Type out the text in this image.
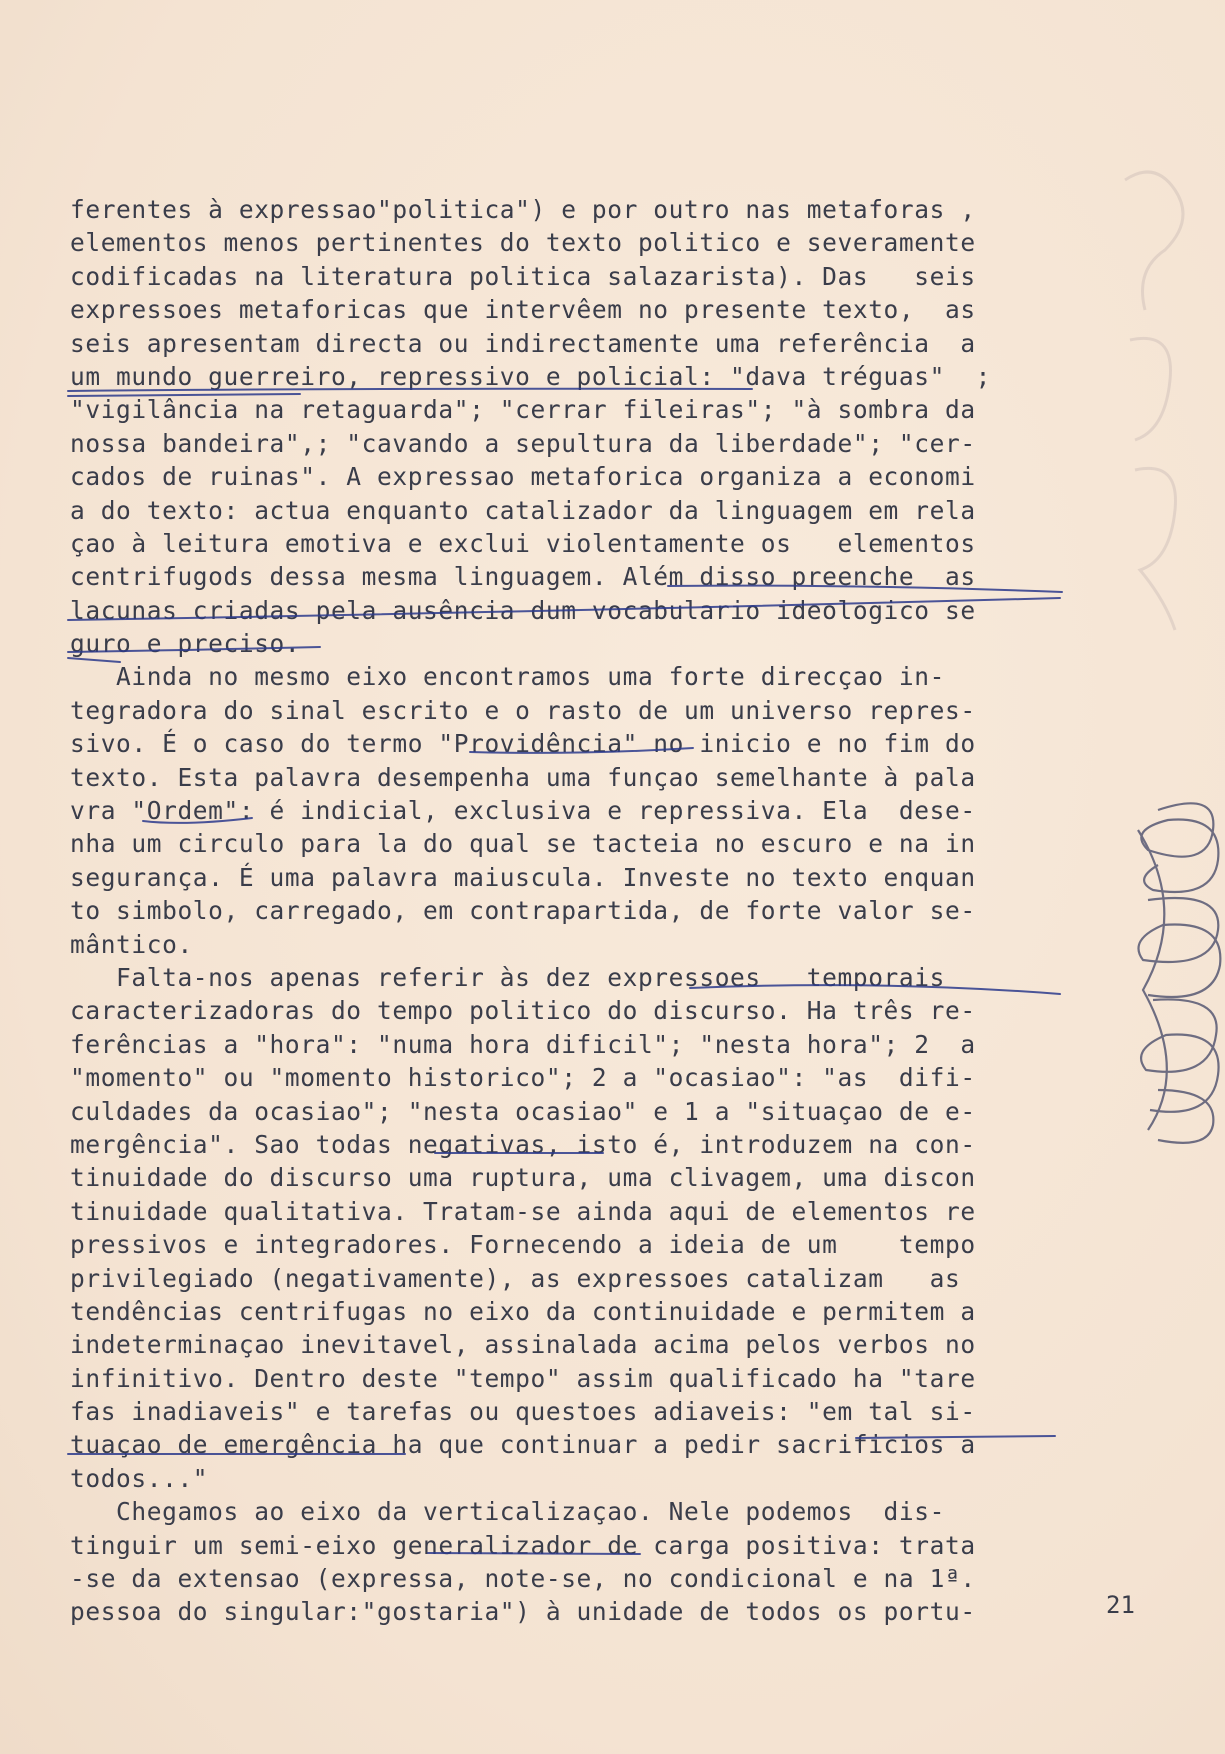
ferentes à expressao"politica") e por outro nas metaforas ,
elementos menos pertinentes do texto politico e severamente
codificadas na literatura politica salazarista). Das   seis
expressoes metaforicas que intervêem no presente texto,  as
seis apresentam directa ou indirectamente uma referência  a
um mundo guerreiro, repressivo e policial: "dava tréguas"  ;
"vigilância na retaguarda"; "cerrar fileiras"; "à sombra da
nossa bandeira",; "cavando a sepultura da liberdade"; "cer-
cados de ruinas". A expressao metaforica organiza a economi
a do texto: actua enquanto catalizador da linguagem em rela
çao à leitura emotiva e exclui violentamente os   elementos
centrifugods dessa mesma linguagem. Além disso preenche  as
lacunas criadas pela ausência dum vocabulario ideologico se
guro e preciso.
Ainda no mesmo eixo encontramos uma forte direcçao in-
tegradora do sinal escrito e o rasto de um universo repres-
sivo. É o caso do termo "Providência" no inicio e no fim do
texto. Esta palavra desempenha uma funçao semelhante à pala
vra "Ordem": é indicial, exclusiva e repressiva. Ela  dese-
nha um circulo para la do qual se tacteia no escuro e na in
segurança. É uma palavra maiuscula. Investe no texto enquan
to simbolo, carregado, em contrapartida, de forte valor se-
mântico.
Falta-nos apenas referir às dez expressoes   temporais
caracterizadoras do tempo politico do discurso. Ha três re-
ferências a "hora": "numa hora dificil"; "nesta hora"; 2  a
"momento" ou "momento historico"; 2 a "ocasiao": "as  difi-
culdades da ocasiao"; "nesta ocasiao" e 1 a "situaçao de e-
mergência". Sao todas negativas, isto é, introduzem na con-
tinuidade do discurso uma ruptura, uma clivagem, uma discon
tinuidade qualitativa. Tratam-se ainda aqui de elementos re
pressivos e integradores. Fornecendo a ideia de um    tempo
privilegiado (negativamente), as expressoes catalizam   as
tendências centrifugas no eixo da continuidade e permitem a
indeterminaçao inevitavel, assinalada acima pelos verbos no
infinitivo. Dentro deste "tempo" assim qualificado ha "tare
fas inadiaveis" e tarefas ou questoes adiaveis: "em tal si-
tuaçao de emergência ha que continuar a pedir sacrificios a
todos..."
Chegamos ao eixo da verticalizaçao. Nele podemos  dis-
tinguir um semi-eixo generalizador de carga positiva: trata
-se da extensao (expressa, note-se, no condicional e na 1ª.
pessoa do singular:"gostaria") à unidade de todos os portu-	21
